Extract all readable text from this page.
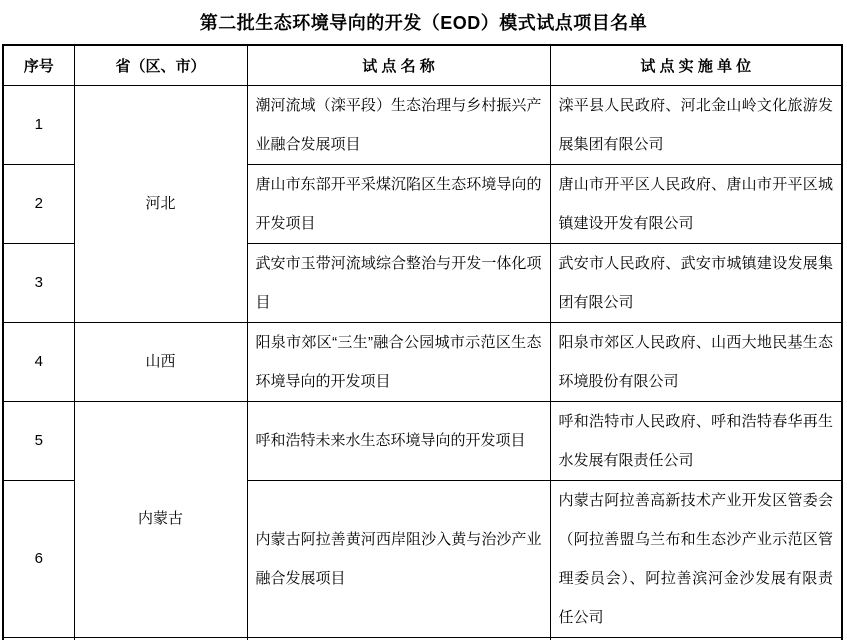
第二批生态环境导向的开发（EOD）模式试点项目名单
序号	省（区、市）	试 点 名 称	试 点 实 施 单 位
1	河北	潮河流域（滦平段）生态治理与乡村振兴产业融合发展项目	滦平县人民政府、河北金山岭文化旅游发展集团有限公司
2		唐山市东部开平采煤沉陷区生态环境导向的开发项目	唐山市开平区人民政府、唐山市开平区城镇建设开发有限公司
3		武安市玉带河流域综合整治与开发一体化项目	武安市人民政府、武安市城镇建设发展集团有限公司
4	山西	阳泉市郊区“三生”融合公园城市示范区生态环境导向的开发项目	阳泉市郊区人民政府、山西大地民基生态环境股份有限公司
5	内蒙古	呼和浩特未来水生态环境导向的开发项目	呼和浩特市人民政府、呼和浩特春华再生水发展有限责任公司
6		内蒙古阿拉善黄河西岸阻沙入黄与治沙产业融合发展项目	内蒙古阿拉善高新技术产业开发区管委会（阿拉善盟乌兰布和生态沙产业示范区管理委员会）、阿拉善滨河金沙发展有限责任公司
